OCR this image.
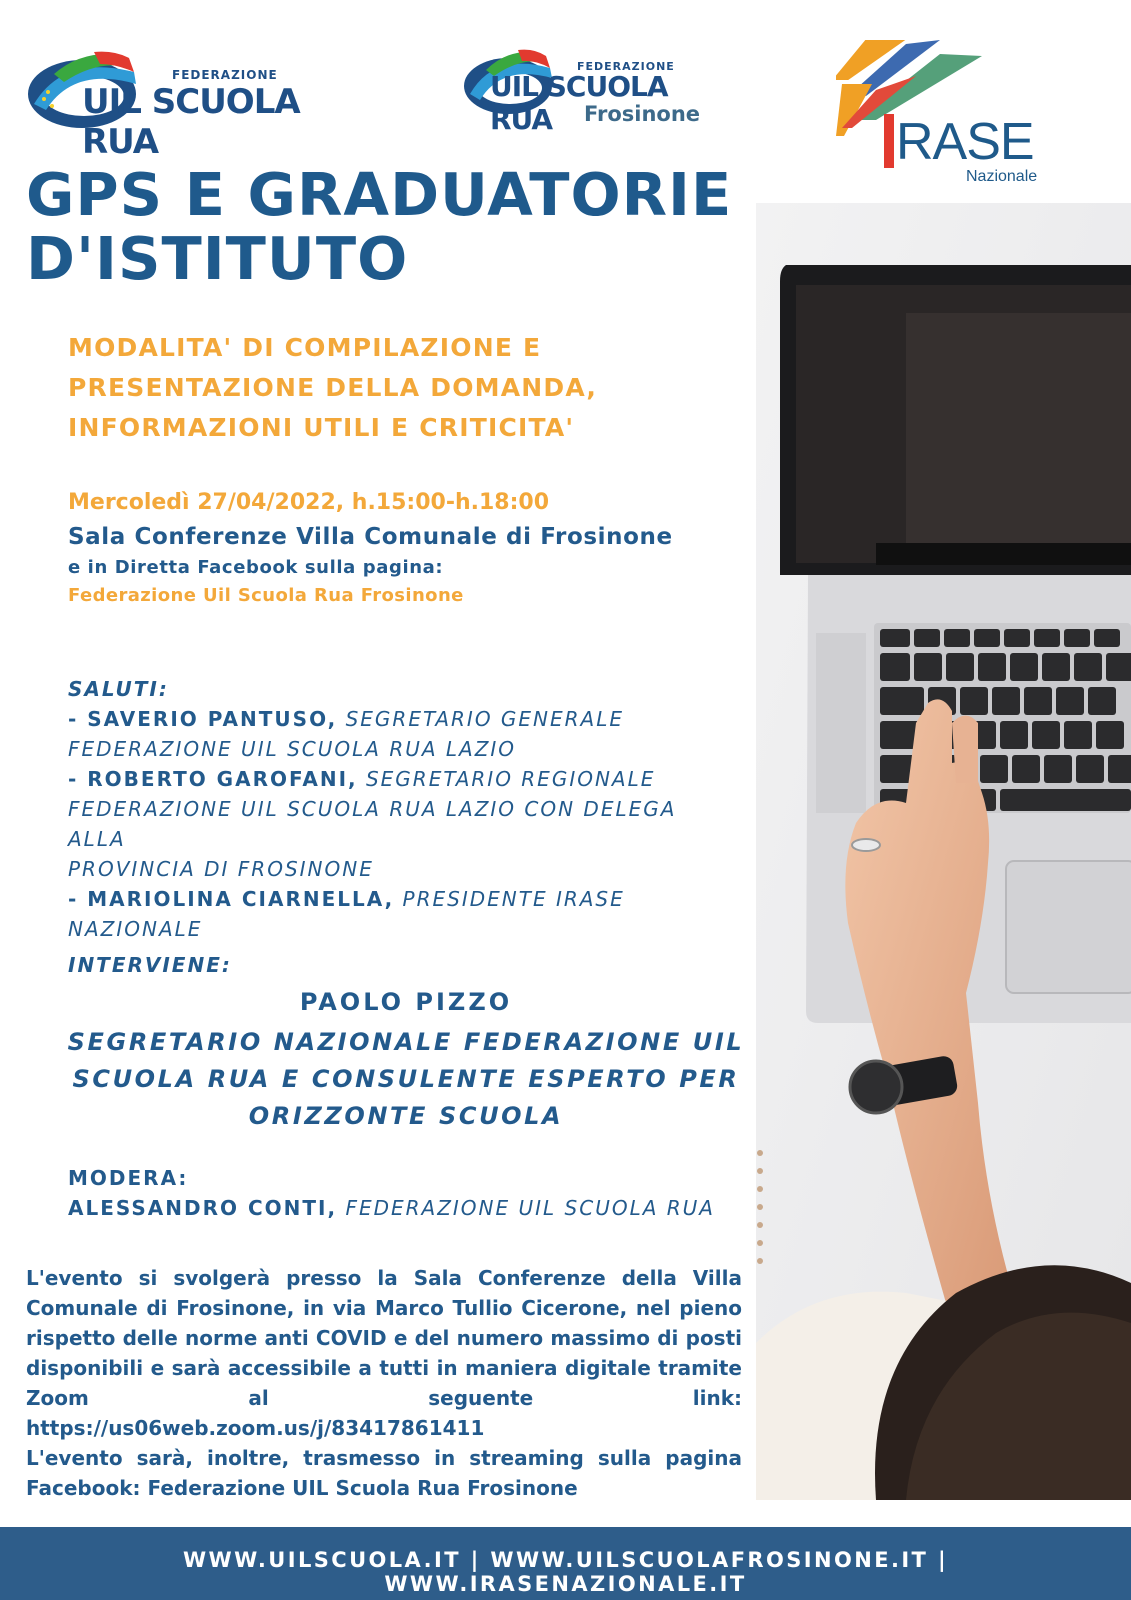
FEDERAZIONE
UIL SCUOLA RUA
FEDERAZIONE
UIL SCUOLA RUA	Frosinone	RASE
Nazionale
GPS E GRADUATORIE
D'ISTITUTO
MODALITA' DI COMPILAZIONE E
PRESENTAZIONE DELLA DOMANDA,
INFORMAZIONI UTILI E CRITICITA'
Mercoledì 27/04/2022, h.15:00-h.18:00
Sala Conferenze Villa Comunale di Frosinone
e in Diretta Facebook sulla pagina:
Federazione Uil Scuola Rua Frosinone
SALUTI:
- SAVERIO PANTUSO, SEGRETARIO GENERALE
FEDERAZIONE UIL SCUOLA RUA LAZIO
- ROBERTO GAROFANI, SEGRETARIO REGIONALE
FEDERAZIONE UIL SCUOLA RUA LAZIO CON DELEGA ALLA
PROVINCIA DI FROSINONE
- MARIOLINA CIARNELLA, PRESIDENTE IRASE
NAZIONALE
INTERVIENE:
PAOLO PIZZO
SEGRETARIO NAZIONALE FEDERAZIONE UIL
SCUOLA RUA E CONSULENTE ESPERTO PER
ORIZZONTE SCUOLA
MODERA:
ALESSANDRO CONTI, FEDERAZIONE UIL SCUOLA RUA
L'evento si svolgerà presso la Sala Conferenze della Villa
Comunale di Frosinone, in via Marco Tullio Cicerone, nel pieno
rispetto delle norme anti COVID e del numero massimo di posti
disponibili e sarà accessibile a tutti in maniera digitale tramite
Zoom al seguente link: https://us06web.zoom.us/j/83417861411
L'evento sarà, inoltre, trasmesso in streaming sulla pagina
Facebook: Federazione UIL Scuola Rua Frosinone
WWW.UILSCUOLA.IT | WWW.UILSCUOLAFROSINONE.IT | WWW.IRASENAZIONALE.IT
